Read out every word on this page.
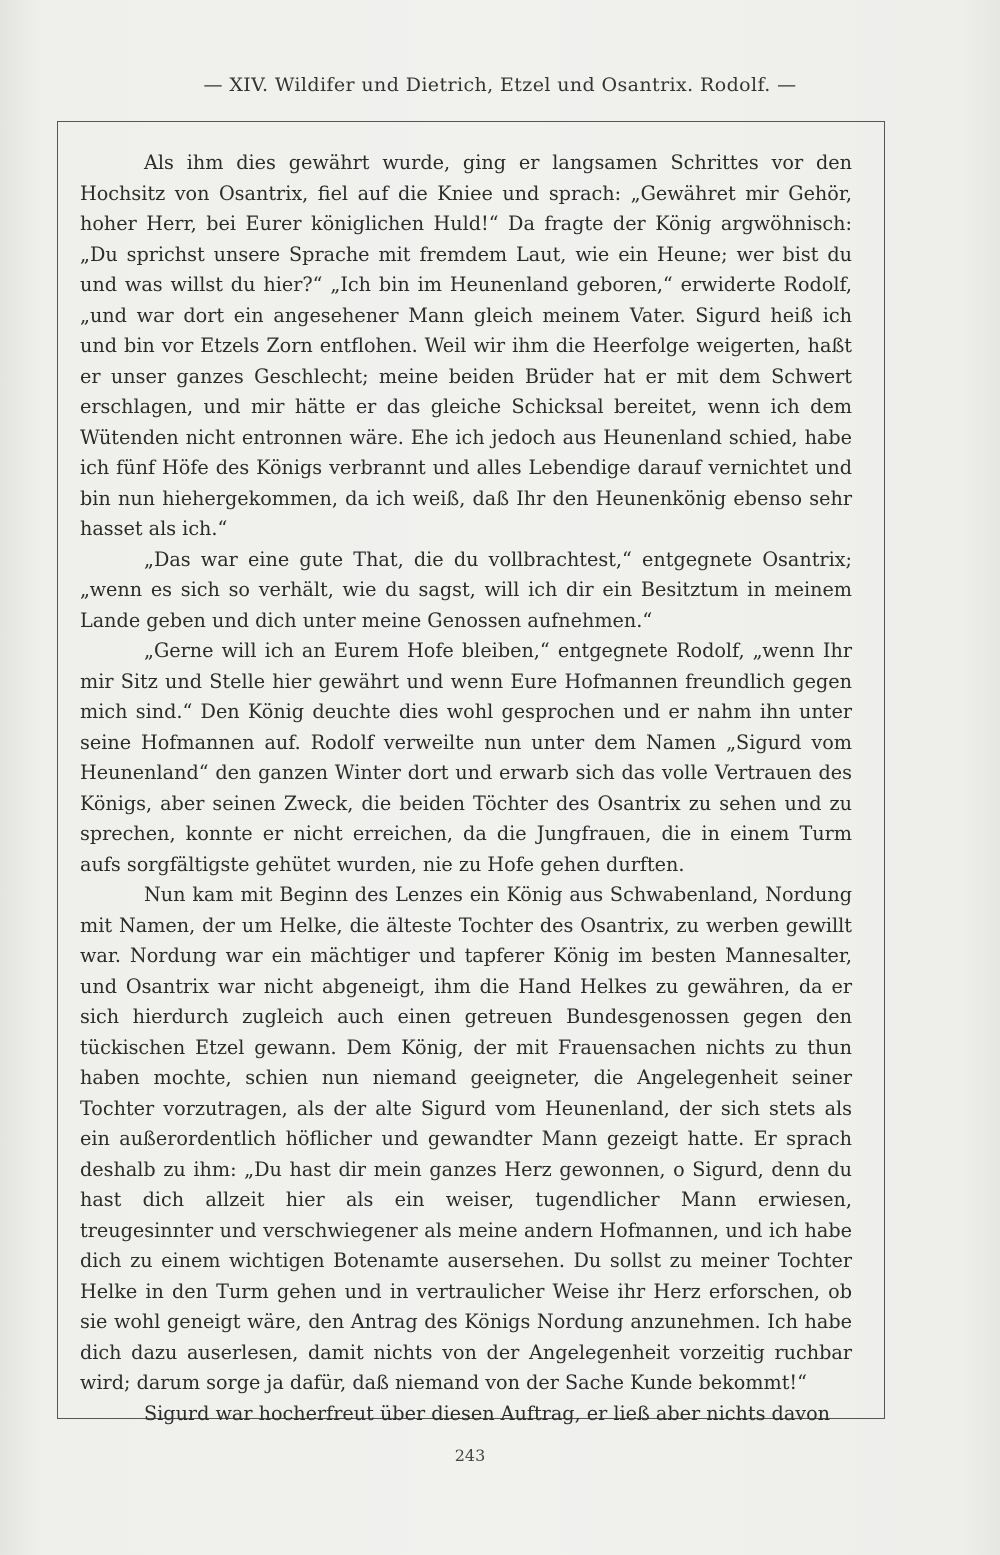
— XIV. Wildifer und Dietrich, Etzel und Osantrix. Rodolf. —

Als ihm dies gewährt wurde, ging er langsamen Schrittes vor den Hochsitz von Osantrix, fiel auf die Kniee und sprach: „Gewähret mir Gehör, hoher Herr, bei Eurer königlichen Huld!“ Da fragte der König argwöhnisch: „Du sprichst unsere Sprache mit fremdem Laut, wie ein Heune; wer bist du und was willst du hier?“ „Ich bin im Heunenland geboren,“ erwiderte Rodolf, „und war dort ein angesehener Mann gleich meinem Vater. Sigurd heiß ich und bin vor Etzels Zorn entflohen. Weil wir ihm die Heerfolge weigerten, haßt er unser ganzes Geschlecht; meine beiden Brüder hat er mit dem Schwert erschlagen, und mir hätte er das gleiche Schicksal bereitet, wenn ich dem Wütenden nicht entronnen wäre. Ehe ich jedoch aus Heunenland schied, habe ich fünf Höfe des Königs verbrannt und alles Lebendige darauf vernichtet und bin nun hiehergekommen, da ich weiß, daß Ihr den Heunenkönig ebenso sehr hasset als ich.“

„Das war eine gute That, die du vollbrachtest,“ entgegnete Osantrix; „wenn es sich so verhält, wie du sagst, will ich dir ein Besitztum in meinem Lande geben und dich unter meine Genossen aufnehmen.“

„Gerne will ich an Eurem Hofe bleiben,“ entgegnete Rodolf, „wenn Ihr mir Sitz und Stelle hier gewährt und wenn Eure Hofmannen freundlich gegen mich sind.“ Den König deuchte dies wohl gesprochen und er nahm ihn unter seine Hofmannen auf. Rodolf verweilte nun unter dem Namen „Sigurd vom Heunenland“ den ganzen Winter dort und erwarb sich das volle Vertrauen des Königs, aber seinen Zweck, die beiden Töchter des Osantrix zu sehen und zu sprechen, konnte er nicht erreichen, da die Jungfrauen, die in einem Turm aufs sorgfältigste gehütet wurden, nie zu Hofe gehen durften.

Nun kam mit Beginn des Lenzes ein König aus Schwabenland, Nordung mit Namen, der um Helke, die älteste Tochter des Osantrix, zu werben gewillt war. Nordung war ein mächtiger und tapferer König im besten Mannesalter, und Osantrix war nicht abgeneigt, ihm die Hand Helkes zu gewähren, da er sich hierdurch zugleich auch einen getreuen Bundesgenossen gegen den tückischen Etzel gewann. Dem König, der mit Frauensachen nichts zu thun haben mochte, schien nun niemand geeigneter, die Angelegenheit seiner Tochter vorzutragen, als der alte Sigurd vom Heunenland, der sich stets als ein außerordentlich höflicher und gewandter Mann gezeigt hatte. Er sprach deshalb zu ihm: „Du hast dir mein ganzes Herz gewonnen, o Sigurd, denn du hast dich allzeit hier als ein weiser, tugendlicher Mann erwiesen, treugesinnter und verschwiegener als meine andern Hofmannen, und ich habe dich zu einem wichtigen Botenamte ausersehen. Du sollst zu meiner Tochter Helke in den Turm gehen und in vertraulicher Weise ihr Herz erforschen, ob sie wohl geneigt wäre, den Antrag des Königs Nordung anzunehmen. Ich habe dich dazu auserlesen, damit nichts von der Angelegenheit vorzeitig ruchbar wird; darum sorge ja dafür, daß niemand von der Sache Kunde bekommt!“

Sigurd war hocherfreut über diesen Auftrag, er ließ aber nichts davon

243
